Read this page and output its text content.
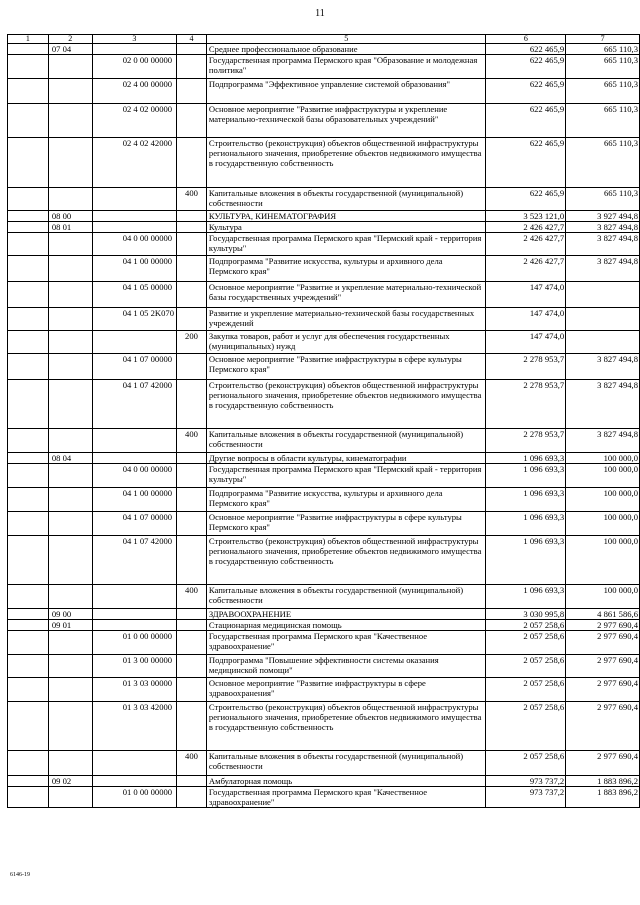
11
1	2	3	4	5	6	7
	07 04			Среднее профессиональное образование	622 465,9	665 110,3
		02 0 00 00000		Государственная программа Пермского края "Образование и молодежная политика"	622 465,9	665 110,3
		02 4 00 00000		Подпрограмма "Эффективное управление системой образования"	622 465,9	665 110,3
		02 4 02 00000		Основное мероприятие "Развитие инфраструктуры и укрепление материально-технической базы образовательных учреждений"	622 465,9	665 110,3
		02 4 02 42000		Строительство (реконструкция) объектов общественной инфраструктуры регионального значения, приобретение объектов недвижимого имущества в государственную собственность	622 465,9	665 110,3
			400	Капитальные вложения в объекты государственной (муниципальной) собственности	622 465,9	665 110,3
	08 00			КУЛЬТУРА, КИНЕМАТОГРАФИЯ	3 523 121,0	3 927 494,8
	08 01			Культура	2 426 427,7	3 827 494,8
		04 0 00 00000		Государственная программа Пермского края "Пермский край - территория культуры"	2 426 427,7	3 827 494,8
		04 1 00 00000		Подпрограмма "Развитие искусства, культуры и архивного дела Пермского края"	2 426 427,7	3 827 494,8
		04 1 05 00000		Основное мероприятие "Развитие и укрепление материально-технической базы государственных учреждений"	147 474,0	
		04 1 05 2K070		Развитие и укрепление материально-технической базы государственных учреждений	147 474,0	
			200	Закупка товаров, работ и услуг для обеспечения государственных (муниципальных) нужд	147 474,0	
		04 1 07 00000		Основное мероприятие "Развитие инфраструктуры в сфере культуры Пермского края"	2 278 953,7	3 827 494,8
		04 1 07 42000		Строительство (реконструкция) объектов общественной инфраструктуры регионального значения, приобретение объектов недвижимого имущества в государственную собственность	2 278 953,7	3 827 494,8
			400	Капитальные вложения в объекты государственной (муниципальной) собственности	2 278 953,7	3 827 494,8
	08 04			Другие вопросы в области культуры, кинематографии	1 096 693,3	100 000,0
		04 0 00 00000		Государственная программа Пермского края "Пермский край - территория культуры"	1 096 693,3	100 000,0
		04 1 00 00000		Подпрограмма "Развитие искусства, культуры и архивного дела Пермского края"	1 096 693,3	100 000,0
		04 1 07 00000		Основное мероприятие "Развитие инфраструктуры в сфере культуры Пермского края"	1 096 693,3	100 000,0
		04 1 07 42000		Строительство (реконструкция) объектов общественной инфраструктуры регионального значения, приобретение объектов недвижимого имущества в государственную собственность	1 096 693,3	100 000,0
			400	Капитальные вложения в объекты государственной (муниципальной) собственности	1 096 693,3	100 000,0
	09 00			ЗДРАВООХРАНЕНИЕ	3 030 995,8	4 861 586,6
	09 01			Стационарная медицинская помощь	2 057 258,6	2 977 690,4
		01 0 00 00000		Государственная программа Пермского края "Качественное здравоохранение"	2 057 258,6	2 977 690,4
		01 3 00 00000		Подпрограмма "Повышение эффективности системы оказания медицинской помощи"	2 057 258,6	2 977 690,4
		01 3 03 00000		Основное мероприятие "Развитие инфраструктуры в сфере здравоохранения"	2 057 258,6	2 977 690,4
		01 3 03 42000		Строительство (реконструкция) объектов общественной инфраструктуры регионального значения, приобретение объектов недвижимого имущества в государственную собственность	2 057 258,6	2 977 690,4
			400	Капитальные вложения в объекты государственной (муниципальной) собственности	2 057 258,6	2 977 690,4
	09 02			Амбулаторная помощь	973 737,2	1 883 896,2
		01 0 00 00000		Государственная программа Пермского края "Качественное здравоохранение"	973 737,2	1 883 896,2
6146-19
